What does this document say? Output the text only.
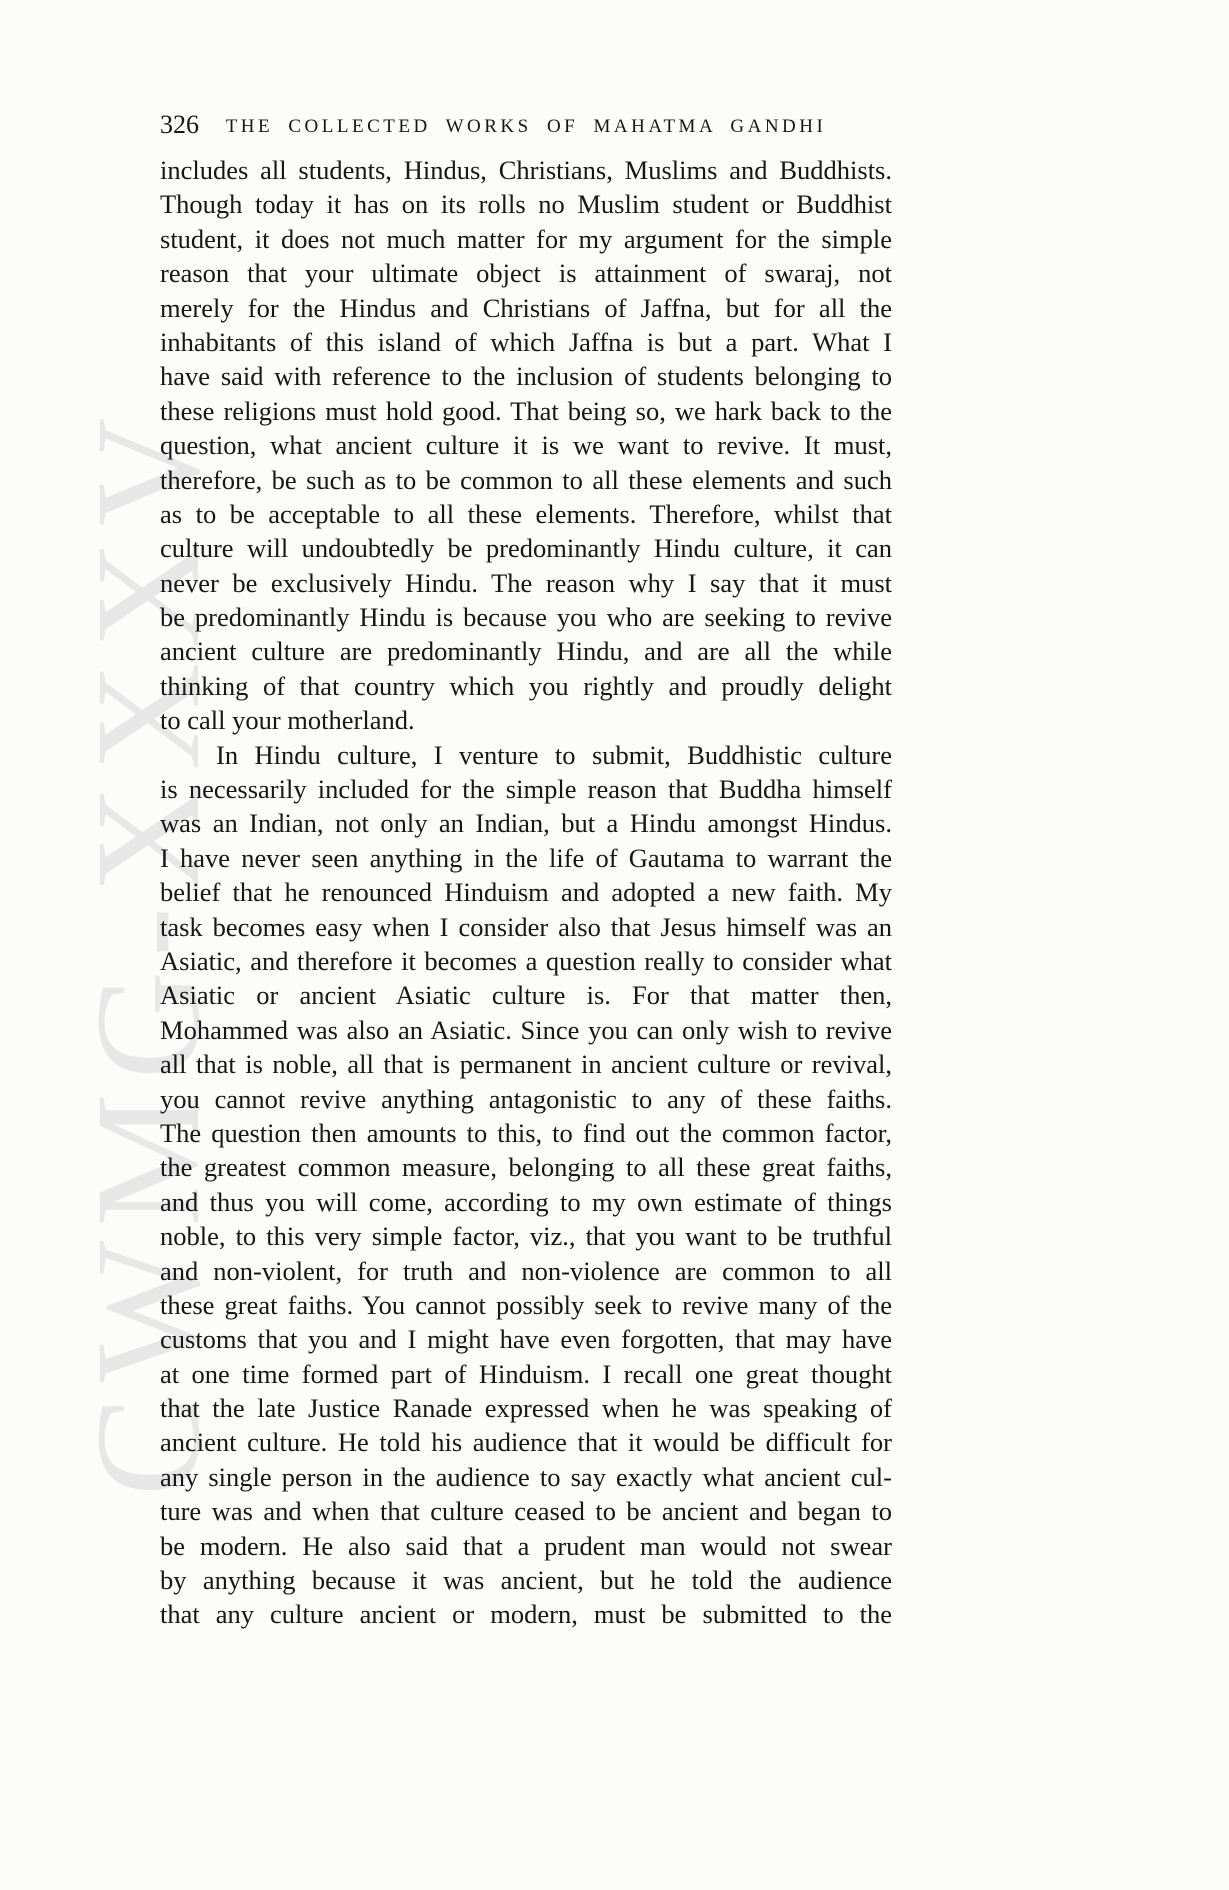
CWMG-XXXV
326	THE COLLECTED WORKS OF MAHATMA GANDHI
includes all students, Hindus, Christians, Muslims and Buddhists.
Though today it has on its rolls no Muslim student or Buddhist
student, it does not much matter for my argument for the simple
reason that your ultimate object is attainment of swaraj, not
merely for the Hindus and Christians of Jaffna, but for all the
inhabitants of this island of which Jaffna is but a part. What I
have said with reference to the inclusion of students belonging to
these religions must hold good. That being so, we hark back to the
question, what ancient culture it is we want to revive. It must,
therefore, be such as to be common to all these elements and such
as to be acceptable to all these elements. Therefore, whilst that
culture will undoubtedly be predominantly Hindu culture, it can
never be exclusively Hindu. The reason why I say that it must
be predominantly Hindu is because you who are seeking to revive
ancient culture are predominantly Hindu, and are all the while
thinking of that country which you rightly and proudly delight
to call your motherland.
In Hindu culture, I venture to submit, Buddhistic culture
is necessarily included for the simple reason that Buddha himself
was an Indian, not only an Indian, but a Hindu amongst Hindus.
I have never seen anything in the life of Gautama to warrant the
belief that he renounced Hinduism and adopted a new faith. My
task becomes easy when I consider also that Jesus himself was an
Asiatic, and therefore it becomes a question really to consider what
Asiatic or ancient Asiatic culture is. For that matter then,
Mohammed was also an Asiatic. Since you can only wish to revive
all that is noble, all that is permanent in ancient culture or revival,
you cannot revive anything antagonistic to any of these faiths.
The question then amounts to this, to find out the common factor,
the greatest common measure, belonging to all these great faiths,
and thus you will come, according to my own estimate of things
noble, to this very simple factor, viz., that you want to be truthful
and non-violent, for truth and non-violence are common to all
these great faiths. You cannot possibly seek to revive many of the
customs that you and I might have even forgotten, that may have
at one time formed part of Hinduism. I recall one great thought
that the late Justice Ranade expressed when he was speaking of
ancient culture. He told his audience that it would be difficult for
any single person in the audience to say exactly what ancient cul-
ture was and when that culture ceased to be ancient and began to
be modern. He also said that a prudent man would not swear
by anything because it was ancient, but he told the audience
that any culture ancient or modern, must be submitted to the
